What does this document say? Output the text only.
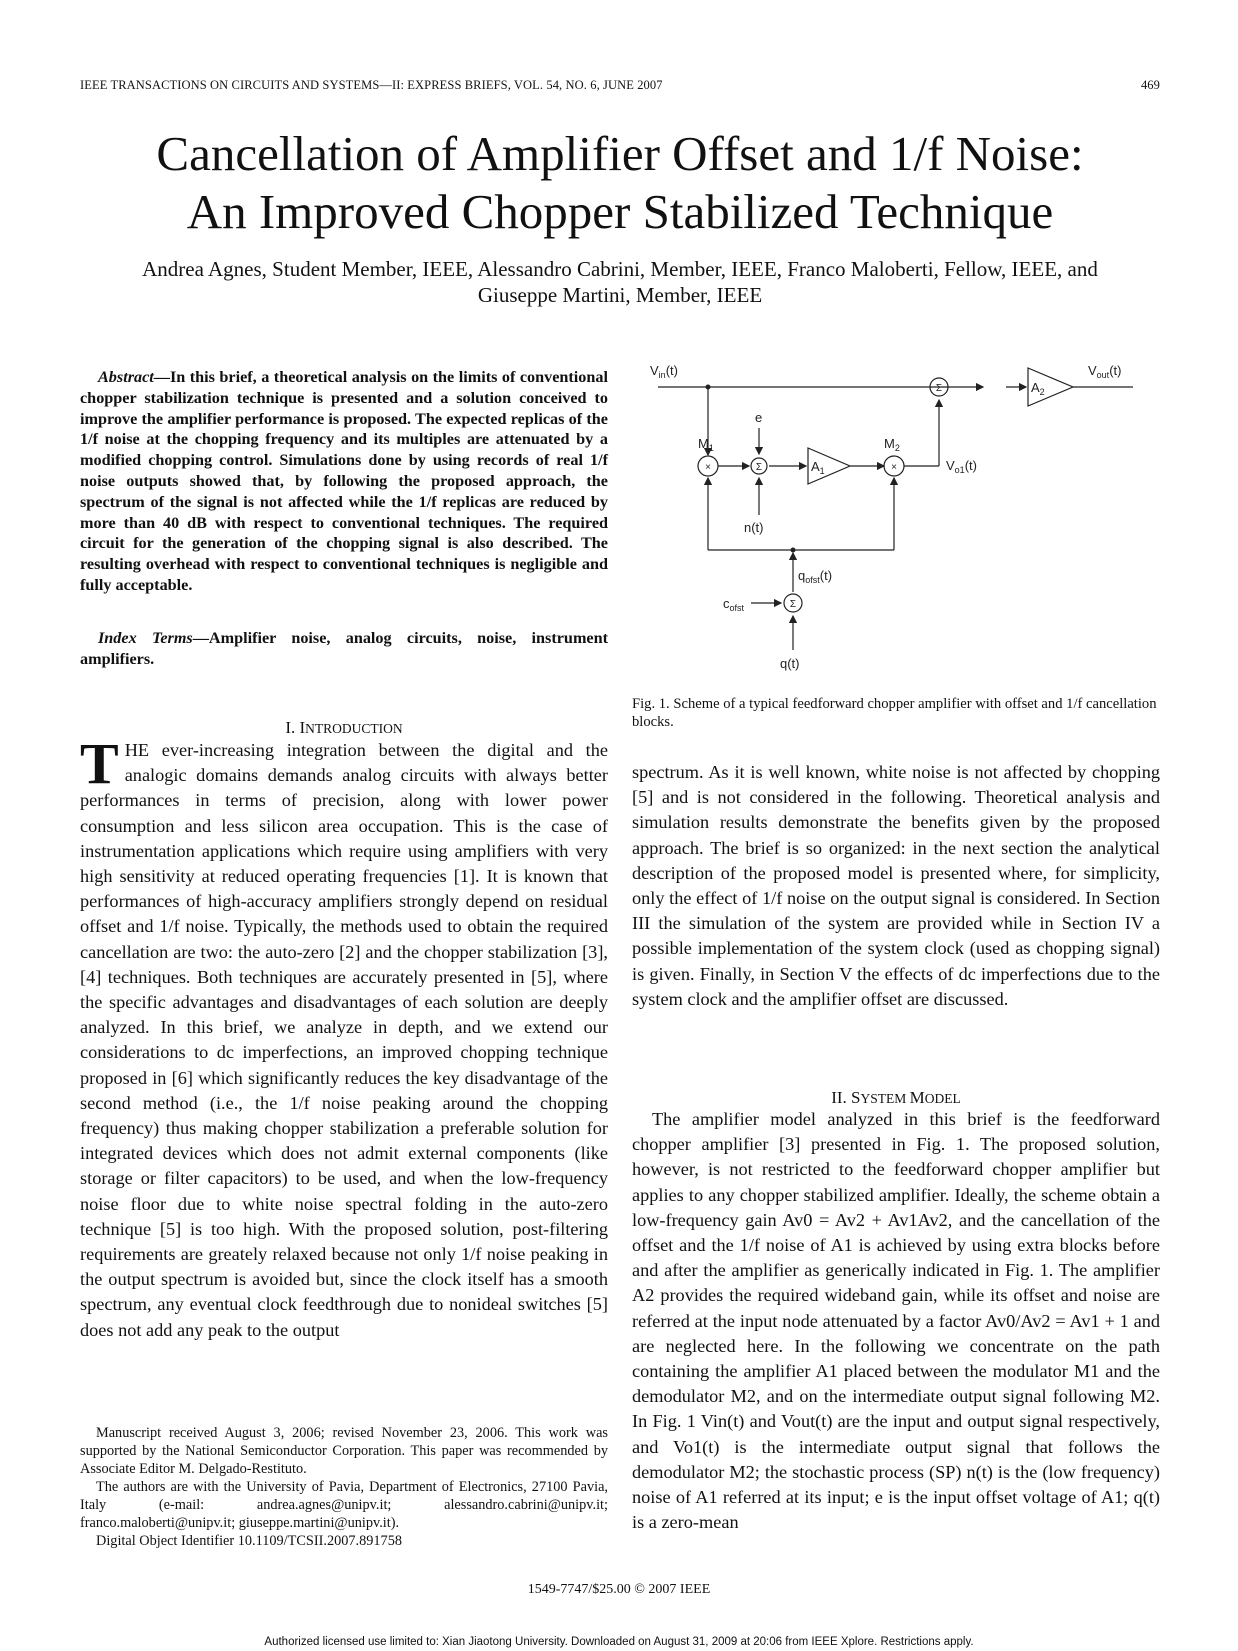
IEEE TRANSACTIONS ON CIRCUITS AND SYSTEMS—II: EXPRESS BRIEFS, VOL. 54, NO. 6, JUNE 2007	469
Cancellation of Amplifier Offset and 1/f Noise:
An Improved Chopper Stabilized Technique
Andrea Agnes, Student Member, IEEE, Alessandro Cabrini, Member, IEEE, Franco Maloberti, Fellow, IEEE, and
Giuseppe Martini, Member, IEEE

Abstract—In this brief, a theoretical analysis on the limits of conventional chopper stabilization technique is presented and a solution conceived to improve the amplifier performance is proposed. The expected replicas of the 1/f noise at the chopping frequency and its multiples are attenuated by a modified chopping control. Simulations done by using records of real 1/f noise outputs showed that, by following the proposed approach, the spectrum of the signal is not affected while the 1/f replicas are reduced by more than 40 dB with respect to conventional techniques. The required circuit for the generation of the chopping signal is also described. The resulting overhead with respect to conventional techniques is negligible and fully acceptable.

Index Terms—Amplifier noise, analog circuits, noise, instrument amplifiers.

I. INTRODUCTION

THE ever-increasing integration between the digital and the analogic domains demands analog circuits with always better performances in terms of precision, along with lower power consumption and less silicon area occupation. This is the case of instrumentation applications which require using amplifiers with very high sensitivity at reduced operating frequencies [1]. It is known that performances of high-accuracy amplifiers strongly depend on residual offset and 1/f noise. Typically, the methods used to obtain the required cancellation are two: the auto-zero [2] and the chopper stabilization [3], [4] techniques. Both techniques are accurately presented in [5], where the specific advantages and disadvantages of each solution are deeply analyzed. In this brief, we analyze in depth, and we extend our considerations to dc imperfections, an improved chopping technique proposed in [6] which significantly reduces the key disadvantage of the second method (i.e., the 1/f noise peaking around the chopping frequency) thus making chopper stabilization a preferable solution for integrated devices which does not admit external components (like storage or filter capacitors) to be used, and when the low-frequency noise floor due to white noise spectral folding in the auto-zero technique [5] is too high. With the proposed solution, post-filtering requirements are greately relaxed because not only 1/f noise peaking in the output spectrum is avoided but, since the clock itself has a smooth spectrum, any eventual clock feedthrough due to nonideal switches [5] does not add any peak to the output

$V_{in}(t)$	$V_{out}(t)$
e
$M_1$	$M_2$
$A_1$
$A_2$
$V_{o1}(t)$
n(t)
$q_{ofst}(t)$
$c_{ofst}$
q(t)
×	×
Σ
Σ
Σ

Fig. 1. Scheme of a typical feedforward chopper amplifier with offset and 1/f cancellation blocks.

spectrum. As it is well known, white noise is not affected by chopping [5] and is not considered in the following. Theoretical analysis and simulation results demonstrate the benefits given by the proposed approach. The brief is so organized: in the next section the analytical description of the proposed model is presented where, for simplicity, only the effect of 1/f noise on the output signal is considered. In Section III the simulation of the system are provided while in Section IV a possible implementation of the system clock (used as chopping signal) is given. Finally, in Section V the effects of dc imperfections due to the system clock and the amplifier offset are discussed.

II. SYSTEM MODEL

The amplifier model analyzed in this brief is the feedforward chopper amplifier [3] presented in Fig. 1. The proposed solution, however, is not restricted to the feedforward chopper amplifier but applies to any chopper stabilized amplifier. Ideally, the scheme obtain a low-frequency gain Av0 = Av2 + Av1Av2, and the cancellation of the offset and the 1/f noise of A1 is achieved by using extra blocks before and after the amplifier as generically indicated in Fig. 1. The amplifier A2 provides the required wideband gain, while its offset and noise are referred at the input node attenuated by a factor Av0/Av2 = Av1 + 1 and are neglected here. In the following we concentrate on the path containing the amplifier A1 placed between the modulator M1 and the demodulator M2, and on the intermediate output signal following M2. In Fig. 1 Vin(t) and Vout(t) are the input and output signal respectively, and Vo1(t) is the intermediate output signal that follows the demodulator M2; the stochastic process (SP) n(t) is the (low frequency) noise of A1 referred at its input; e is the input offset voltage of A1; q(t) is a zero-mean

Manuscript received August 3, 2006; revised November 23, 2006. This work was supported by the National Semiconductor Corporation. This paper was recommended by Associate Editor M. Delgado-Restituto.

The authors are with the University of Pavia, Department of Electronics, 27100 Pavia, Italy (e-mail: andrea.agnes@unipv.it; alessandro.cabrini@unipv.it; franco.maloberti@unipv.it; giuseppe.martini@unipv.it).

Digital Object Identifier 10.1109/TCSII.2007.891758

1549-7747/$25.00 © 2007 IEEE
Authorized licensed use limited to: Xian Jiaotong University. Downloaded on August 31, 2009 at 20:06 from IEEE Xplore. Restrictions apply.
